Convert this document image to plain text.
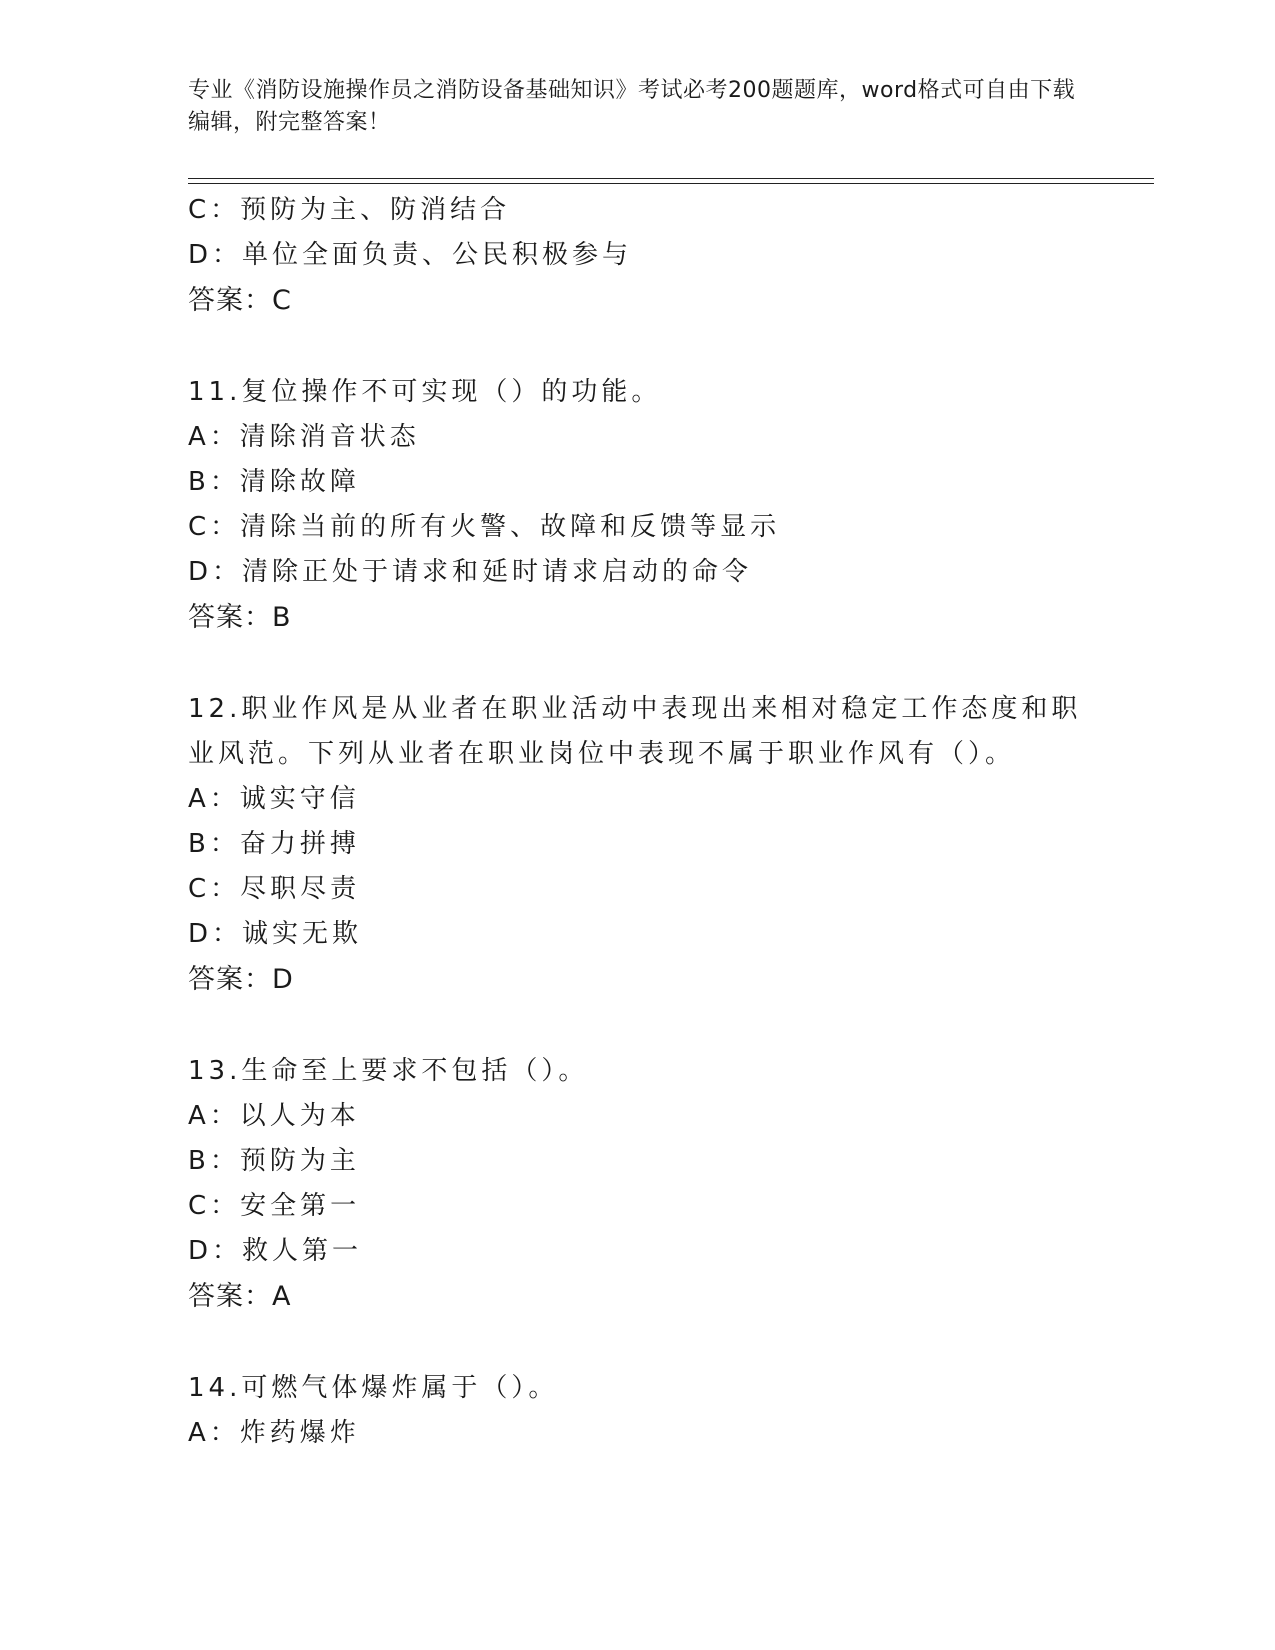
专业《消防设施操作员之消防设备基础知识》考试必考200题题库，word格式可自由下载编辑，附完整答案！
C：预防为主、防消结合
D：单位全面负责、公民积极参与
答案：C
11.复位操作不可实现（）的功能。
A：清除消音状态
B：清除故障
C：清除当前的所有火警、故障和反馈等显示
D：清除正处于请求和延时请求启动的命令
答案：B
12.职业作风是从业者在职业活动中表现出来相对稳定工作态度和职业风范。下列从业者在职业岗位中表现不属于职业作风有（）。
A：诚实守信
B：奋力拼搏
C：尽职尽责
D：诚实无欺
答案：D
13.生命至上要求不包括（）。
A：以人为本
B：预防为主
C：安全第一
D：救人第一
答案：A
14.可燃气体爆炸属于（）。
A：炸药爆炸
